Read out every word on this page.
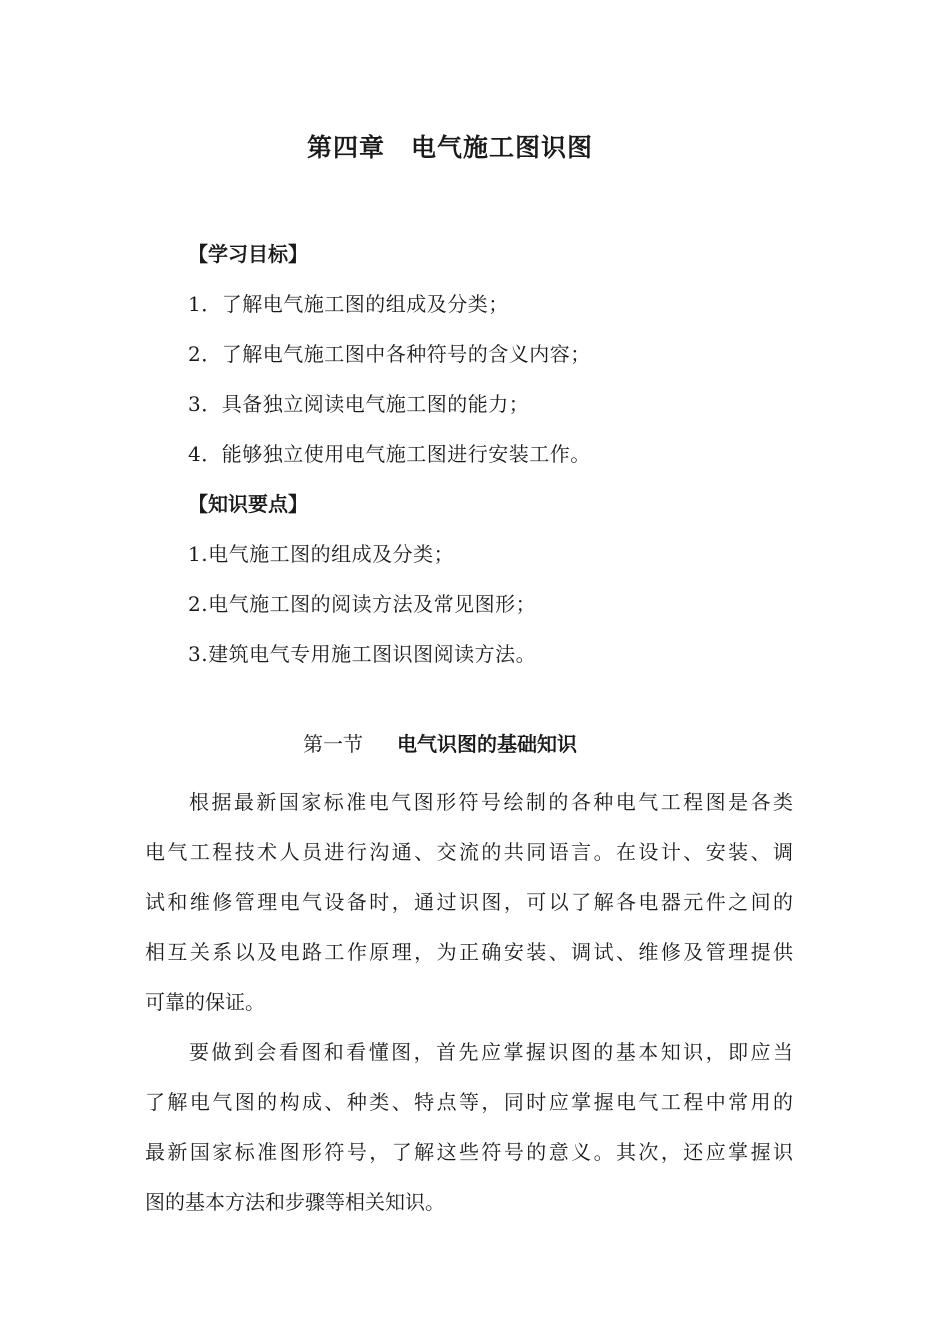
第四章　电气施工图识图
【学习目标】
1．了解电气施工图的组成及分类；
2．了解电气施工图中各种符号的含义内容；
3．具备独立阅读电气施工图的能力；
4．能够独立使用电气施工图进行安装工作。
【知识要点】
1.电气施工图的组成及分类；
2.电气施工图的阅读方法及常见图形；
3.建筑电气专用施工图识图阅读方法。
第一节 电气识图的基础知识
根据最新国家标准电气图形符号绘制的各种电气工程图是各类
电气工程技术人员进行沟通、交流的共同语言。在设计、安装、调
试和维修管理电气设备时，通过识图，可以了解各电器元件之间的
相互关系以及电路工作原理，为正确安装、调试、维修及管理提供
可靠的保证。
要做到会看图和看懂图，首先应掌握识图的基本知识，即应当
了解电气图的构成、种类、特点等，同时应掌握电气工程中常用的
最新国家标准图形符号，了解这些符号的意义。其次，还应掌握识
图的基本方法和步骤等相关知识。
